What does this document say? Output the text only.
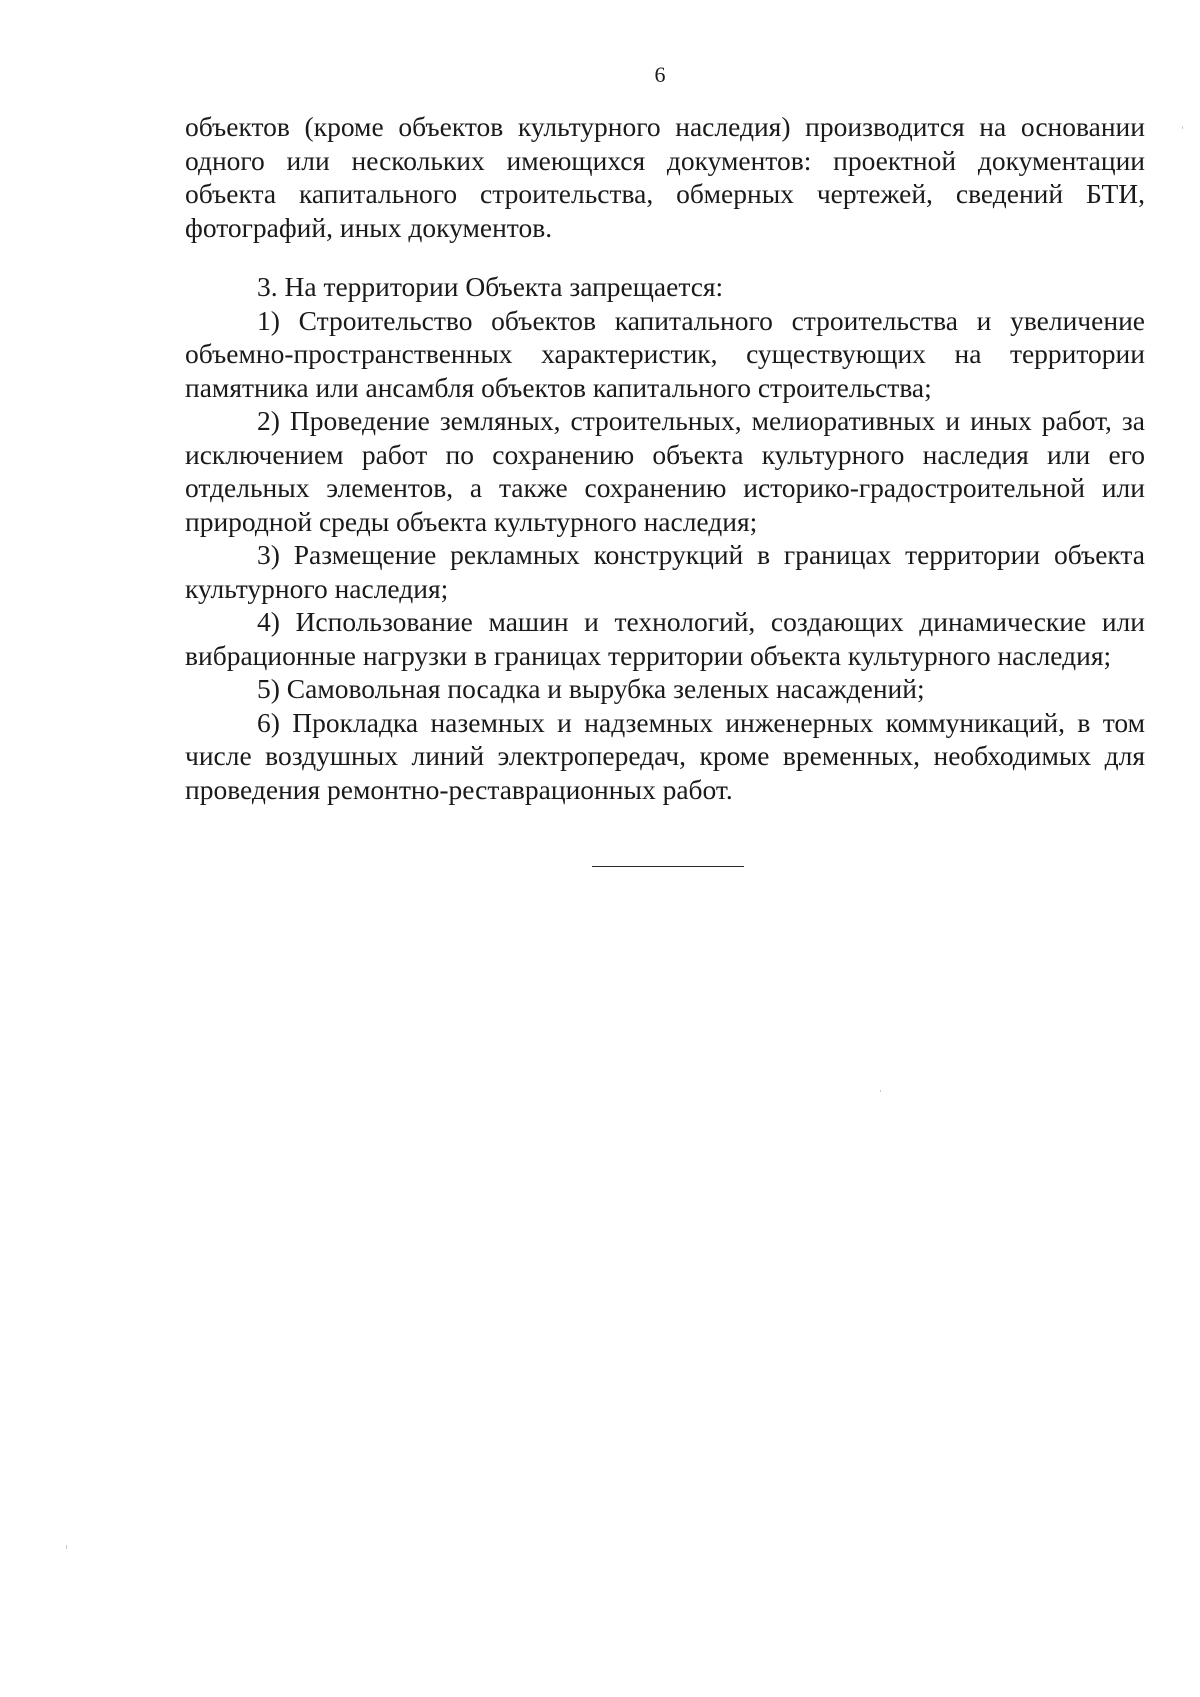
6

объектов (кроме объектов культурного наследия) производится на основании одного или нескольких имеющихся документов: проектной документации объекта капитального строительства, обмерных чертежей, сведений БТИ, фотографий, иных документов.

3. На территории Объекта запрещается:

1) Строительство объектов капитального строительства и увеличение объемно-пространственных характеристик, существующих на территории памятника или ансамбля объектов капитального строительства;

2) Проведение земляных, строительных, мелиоративных и иных работ, за исключением работ по сохранению объекта культурного наследия или его отдельных элементов, а также сохранению историко-градостроительной или природной среды объекта культурного наследия;

3) Размещение рекламных конструкций в границах территории объекта культурного наследия;

4) Использование машин и технологий, создающих динамические или вибрационные нагрузки в границах территории объекта культурного наследия;

5) Самовольная посадка и вырубка зеленых насаждений;

6) Прокладка наземных и надземных инженерных коммуникаций, в том числе воздушных линий электропередач, кроме временных, необходимых для проведения ремонтно-реставрационных работ.
